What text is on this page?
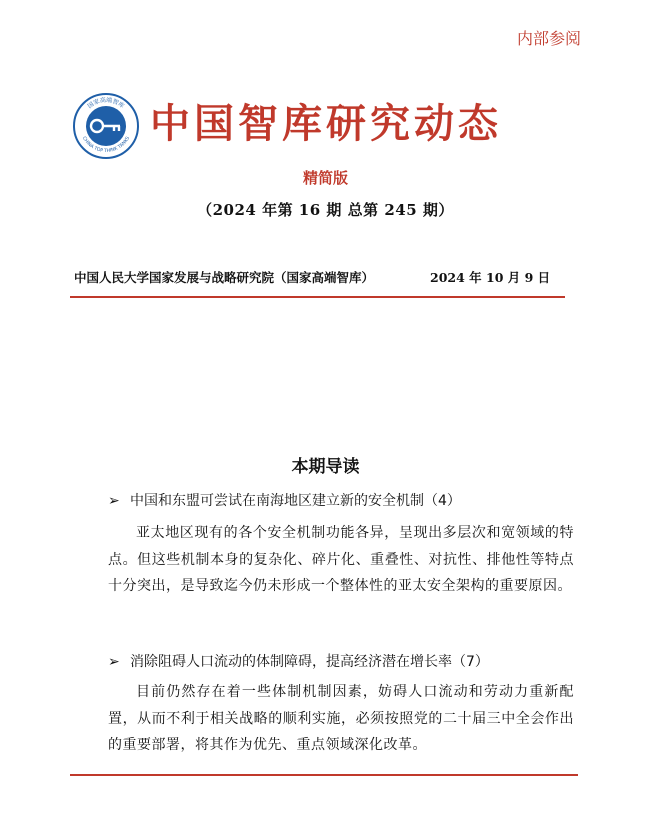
内部参阅
国家高端智库
CHINA TOP THINK TANKS 中国智库研究动态
精简版
（2024 年第 16 期 总第 245 期）
中国人民大学国家发展与战略研究院（国家高端智库）	2024 年 10 月 9 日
本期导读
➢ 中国和东盟可尝试在南海地区建立新的安全机制（4）
亚太地区现有的各个安全机制功能各异，呈现出多层次和宽领域的特点。但这些机制本身的复杂化、碎片化、重叠性、对抗性、排他性等特点十分突出，是导致迄今仍未形成一个整体性的亚太安全架构的重要原因。
➢ 消除阻碍人口流动的体制障碍，提高经济潜在增长率（7）
目前仍然存在着一些体制机制因素，妨碍人口流动和劳动力重新配置，从而不利于相关战略的顺利实施，必须按照党的二十届三中全会作出的重要部署，将其作为优先、重点领域深化改革。
